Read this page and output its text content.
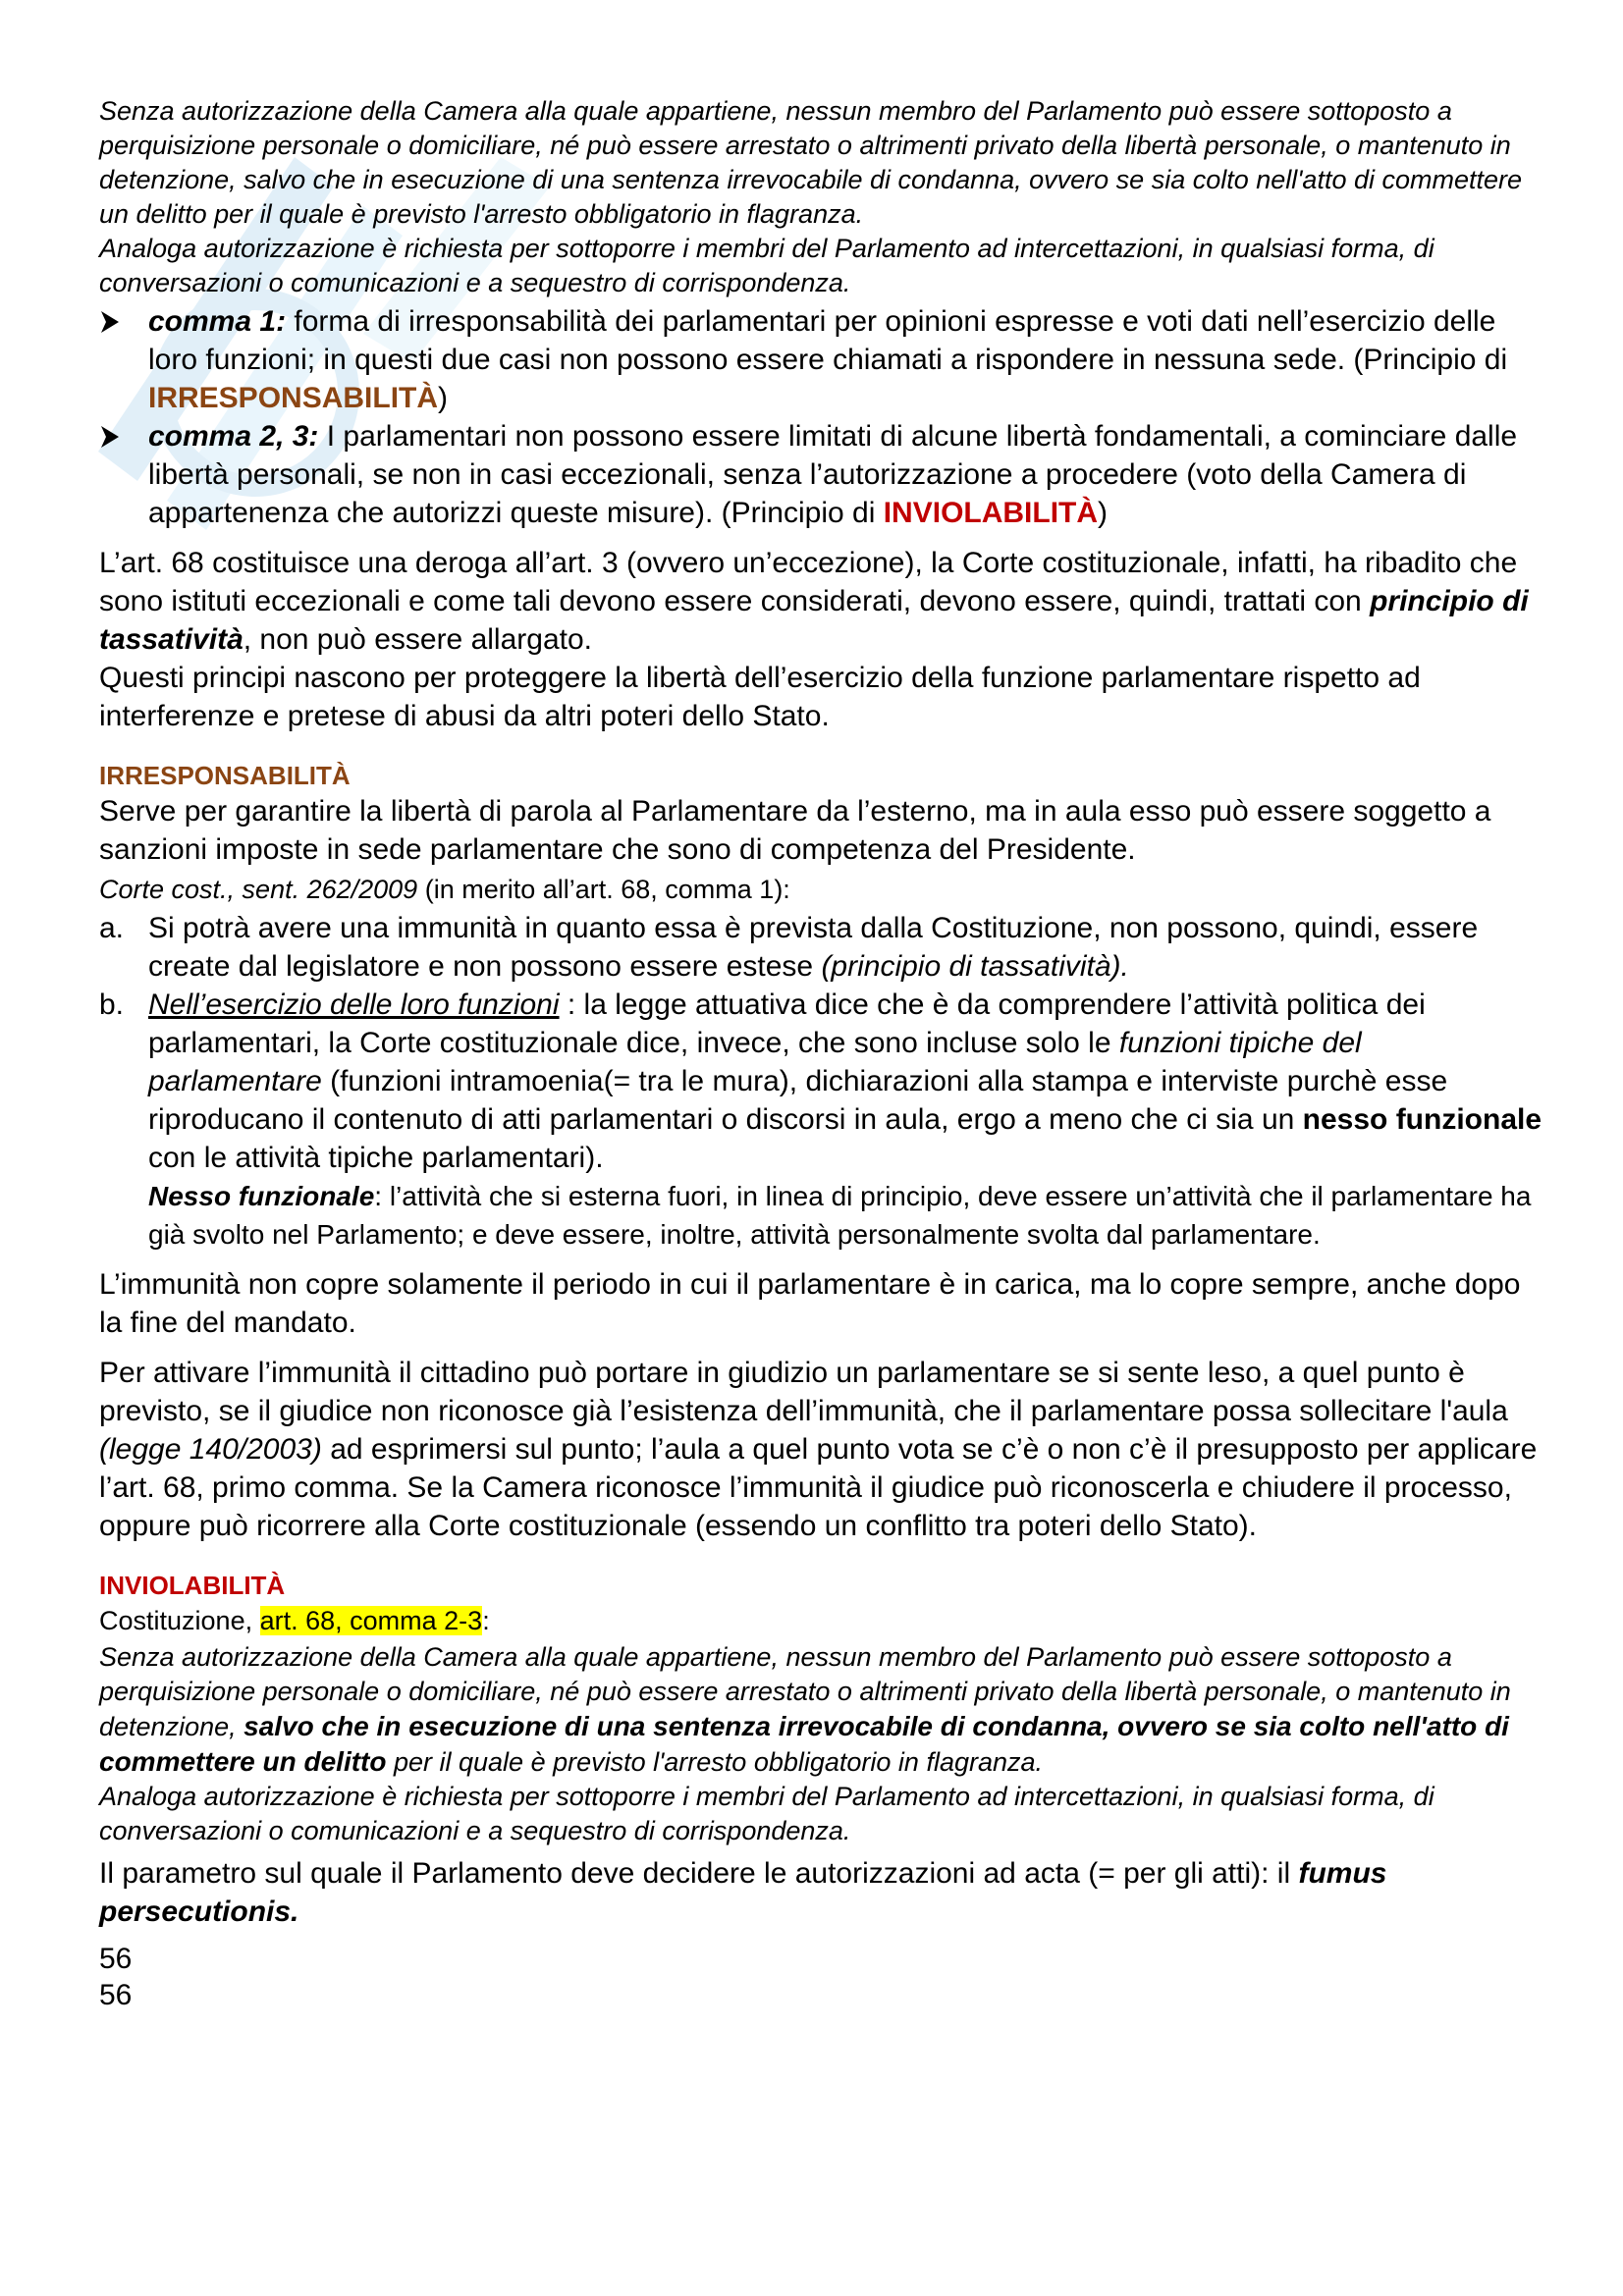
Senza autorizzazione della Camera alla quale appartiene, nessun membro del Parlamento può essere sottoposto a perquisizione personale o domiciliare, né può essere arrestato o altrimenti privato della libertà personale, o mantenuto in detenzione, salvo che in esecuzione di una sentenza irrevocabile di condanna, ovvero se sia colto nell'atto di commettere un delitto per il quale è previsto l'arresto obbligatorio in flagranza.

Analoga autorizzazione è richiesta per sottoporre i membri del Parlamento ad intercettazioni, in qualsiasi forma, di conversazioni o comunicazioni e a sequestro di corrispondenza.

comma 1: forma di irresponsabilità dei parlamentari per opinioni espresse e voti dati nell’esercizio delle loro funzioni; in questi due casi non possono essere chiamati a rispondere in nessuna sede. (Principio di IRRESPONSABILITÀ)
comma 2, 3: I parlamentari non possono essere limitati di alcune libertà fondamentali, a cominciare dalle libertà personali, se non in casi eccezionali, senza l’autorizzazione a procedere (voto della Camera di appartenenza che autorizzi queste misure). (Principio di INVIOLABILITÀ)

L’art. 68 costituisce una deroga all’art. 3 (ovvero un’eccezione), la Corte costituzionale, infatti, ha ribadito che sono istituti eccezionali e come tali devono essere considerati, devono essere, quindi, trattati con principio di tassatività, non può essere allargato.

Questi principi nascono per proteggere la libertà dell’esercizio della funzione parlamentare rispetto ad interferenze e pretese di abusi da altri poteri dello Stato.

IRRESPONSABILITÀ

Serve per garantire la libertà di parola al Parlamentare da l’esterno, ma in aula esso può essere soggetto a sanzioni imposte in sede parlamentare che sono di competenza del Presidente.

Corte cost., sent. 262/2009 (in merito all’art. 68, comma 1):

a. Si potrà avere una immunità in quanto essa è prevista dalla Costituzione, non possono, quindi, essere create dal legislatore e non possono essere estese (principio di tassatività).
b. Nell’esercizio delle loro funzioni : la legge attuativa dice che è da comprendere l’attività politica dei parlamentari, la Corte costituzionale dice, invece, che sono incluse solo le funzioni tipiche del parlamentare (funzioni intramoenia(= tra le mura), dichiarazioni alla stampa e interviste purchè esse riproducano il contenuto di atti parlamentari o discorsi in aula, ergo a meno che ci sia un nesso funzionale con le attività tipiche parlamentari).
Nesso funzionale: l’attività che si esterna fuori, in linea di principio, deve essere un’attività che il parlamentare ha già svolto nel Parlamento; e deve essere, inoltre, attività personalmente svolta dal parlamentare.

L’immunità non copre solamente il periodo in cui il parlamentare è in carica, ma lo copre sempre, anche dopo la fine del mandato.

Per attivare l’immunità il cittadino può portare in giudizio un parlamentare se si sente leso, a quel punto è previsto, se il giudice non riconosce già l’esistenza dell’immunità, che il parlamentare possa sollecitare l'aula (legge 140/2003) ad esprimersi sul punto; l’aula a quel punto vota se c’è o non c’è il presupposto per applicare l’art. 68, primo comma. Se la Camera riconosce l’immunità il giudice può riconoscerla e chiudere il processo, oppure può ricorrere alla Corte costituzionale (essendo un conflitto tra poteri dello Stato).

INVIOLABILITÀ

Costituzione, art. 68, comma 2-3:

Senza autorizzazione della Camera alla quale appartiene, nessun membro del Parlamento può essere sottoposto a perquisizione personale o domiciliare, né può essere arrestato o altrimenti privato della libertà personale, o mantenuto in detenzione, salvo che in esecuzione di una sentenza irrevocabile di condanna, ovvero se sia colto nell'atto di commettere un delitto per il quale è previsto l'arresto obbligatorio in flagranza.

Analoga autorizzazione è richiesta per sottoporre i membri del Parlamento ad intercettazioni, in qualsiasi forma, di conversazioni o comunicazioni e a sequestro di corrispondenza.

Il parametro sul quale il Parlamento deve decidere le autorizzazioni ad acta (= per gli atti): il fumus persecutionis.

56

56
